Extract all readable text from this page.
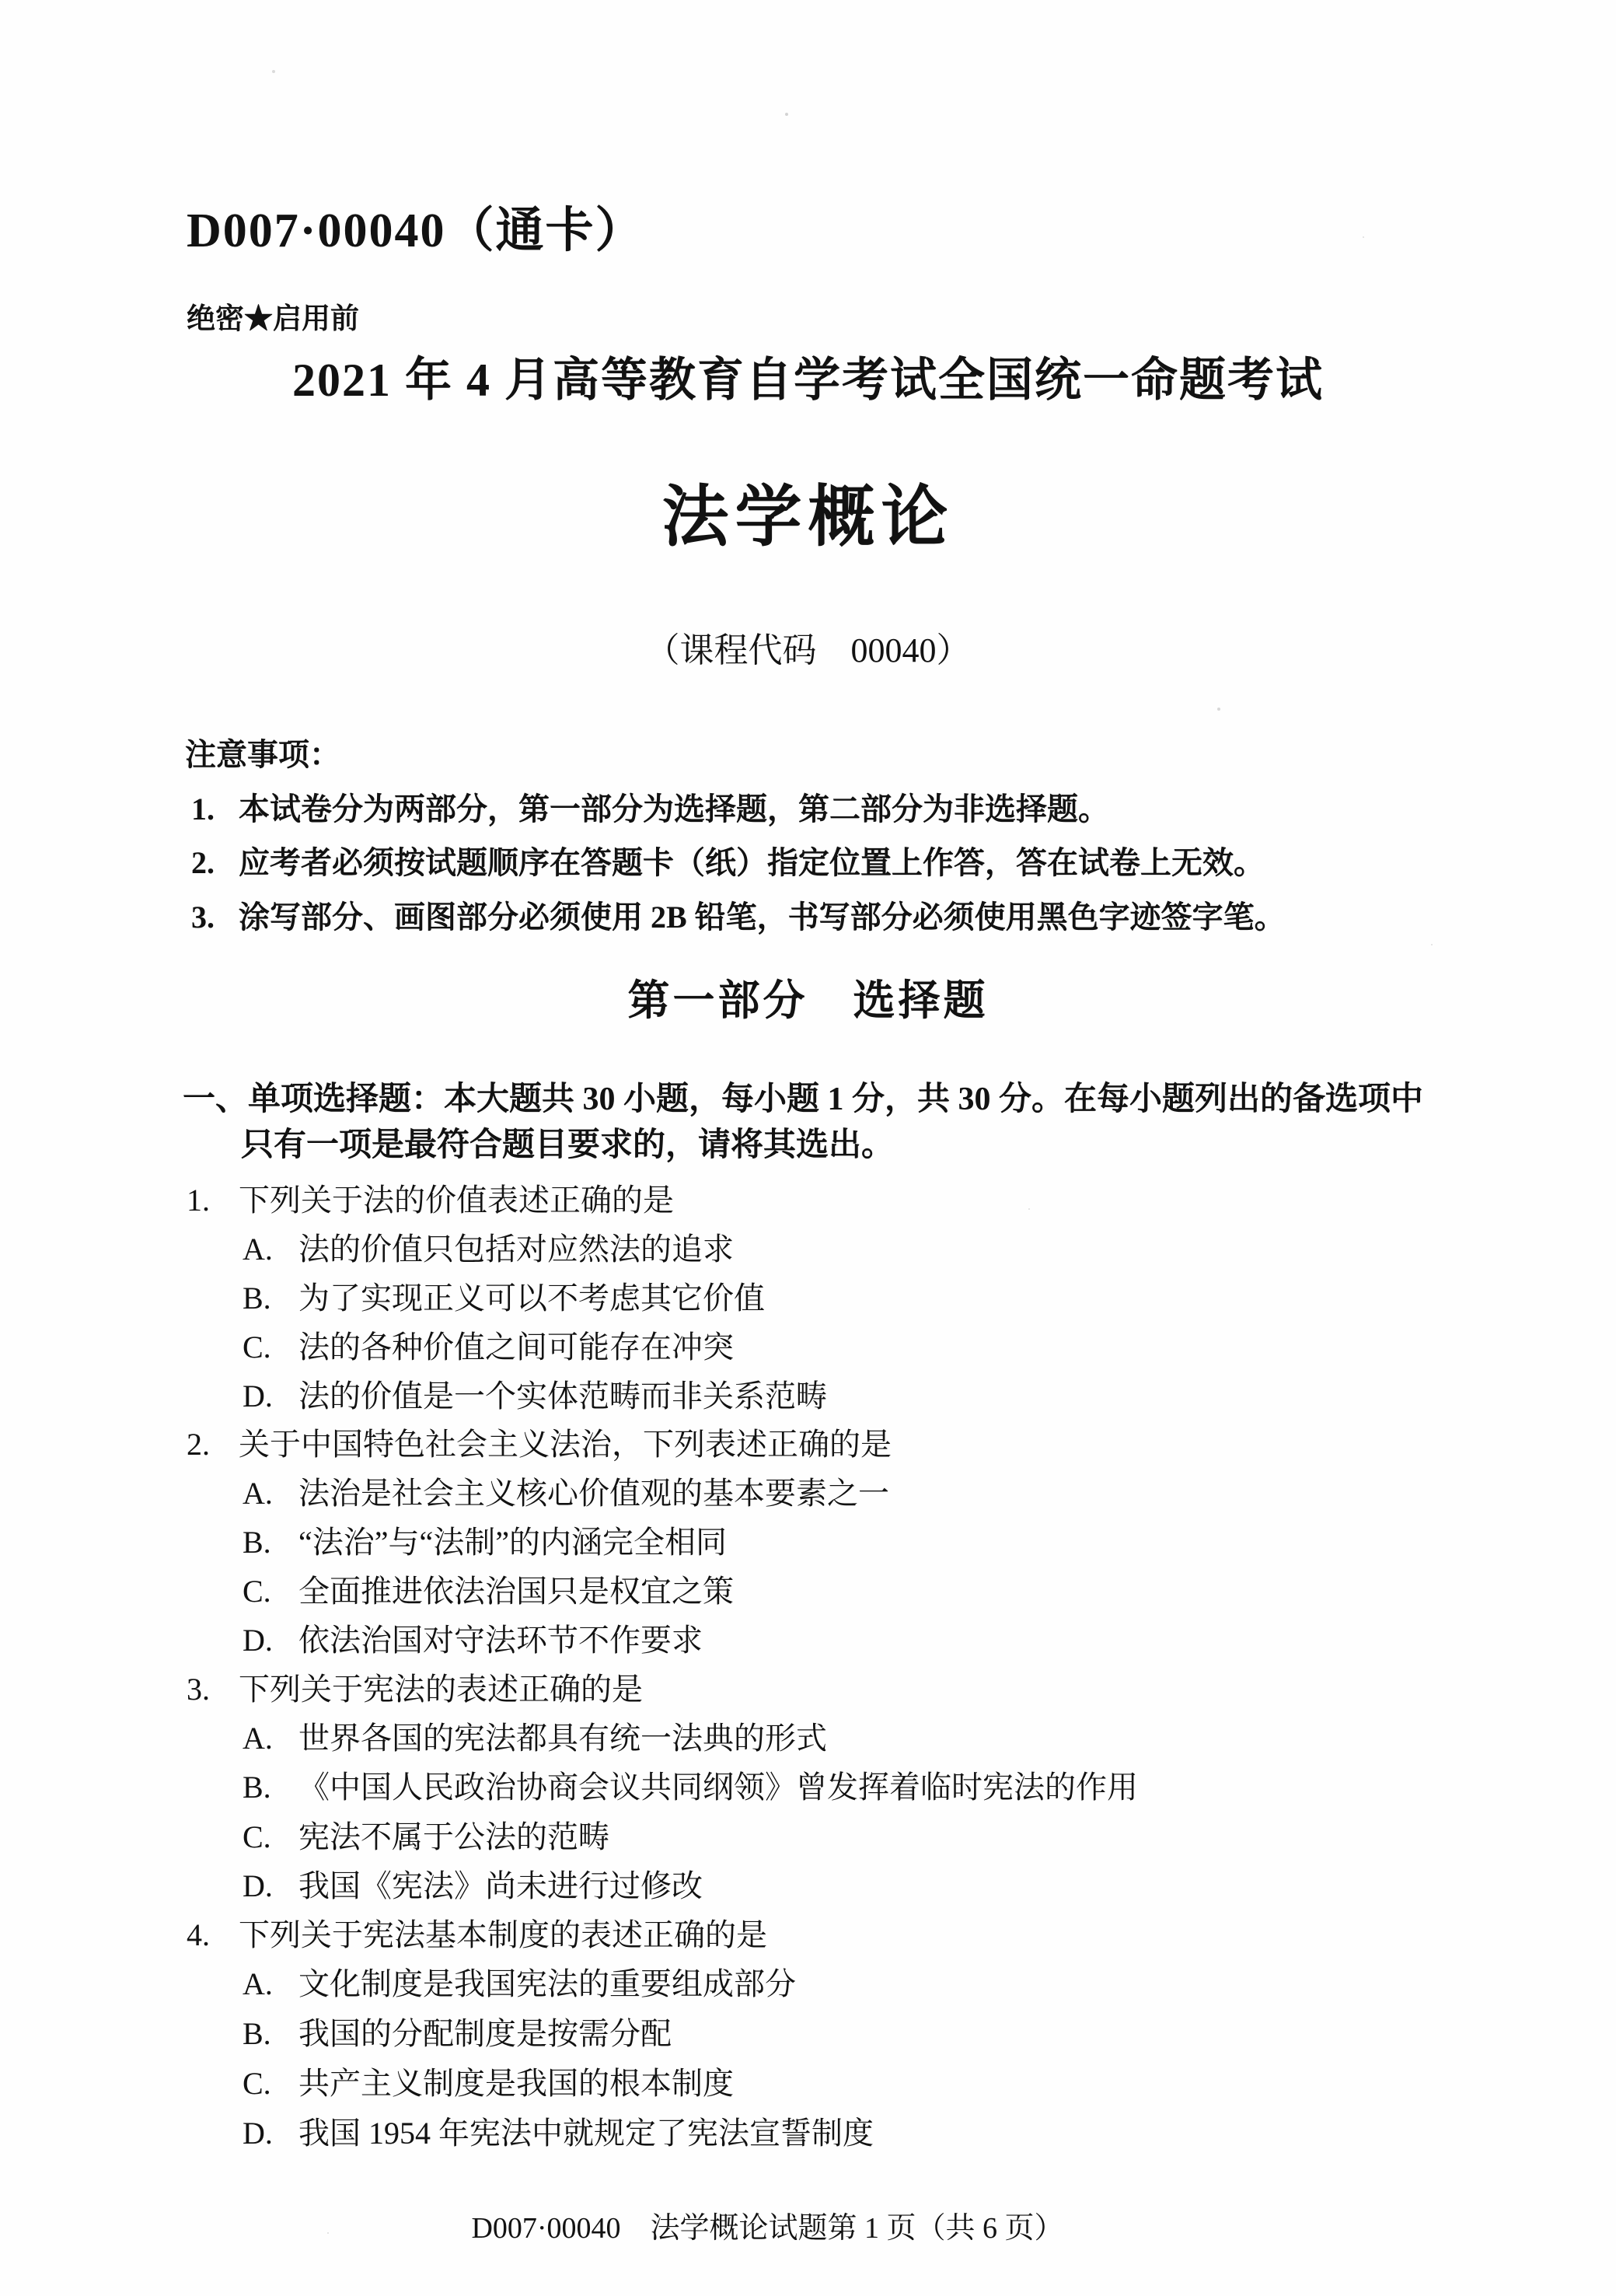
D007·00040（通卡）
绝密★启用前
2021 年 4 月高等教育自学考试全国统一命题考试
法学概论
（课程代码　00040）
注意事项：
1. 本试卷分为两部分，第一部分为选择题，第二部分为非选择题。
2. 应考者必须按试题顺序在答题卡（纸）指定位置上作答，答在试卷上无效。
3. 涂写部分、画图部分必须使用 2B 铅笔，书写部分必须使用黑色字迹签字笔。
第一部分　选择题
一、单项选择题：本大题共 30 小题，每小题 1 分，共 30 分。在每小题列出的备选项中
只有一项是最符合题目要求的，请将其选出。
1. 下列关于法的价值表述正确的是
A. 法的价值只包括对应然法的追求
B. 为了实现正义可以不考虑其它价值
C. 法的各种价值之间可能存在冲突
D. 法的价值是一个实体范畴而非关系范畴
2. 关于中国特色社会主义法治，下列表述正确的是
A. 法治是社会主义核心价值观的基本要素之一
B. “法治”与“法制”的内涵完全相同
C. 全面推进依法治国只是权宜之策
D. 依法治国对守法环节不作要求
3. 下列关于宪法的表述正确的是
A. 世界各国的宪法都具有统一法典的形式
B. 《中国人民政治协商会议共同纲领》曾发挥着临时宪法的作用
C. 宪法不属于公法的范畴
D. 我国《宪法》尚未进行过修改
4. 下列关于宪法基本制度的表述正确的是
A. 文化制度是我国宪法的重要组成部分
B. 我国的分配制度是按需分配
C. 共产主义制度是我国的根本制度
D. 我国 1954 年宪法中就规定了宪法宣誓制度
D007·00040　法学概论试题第 1 页（共 6 页）
